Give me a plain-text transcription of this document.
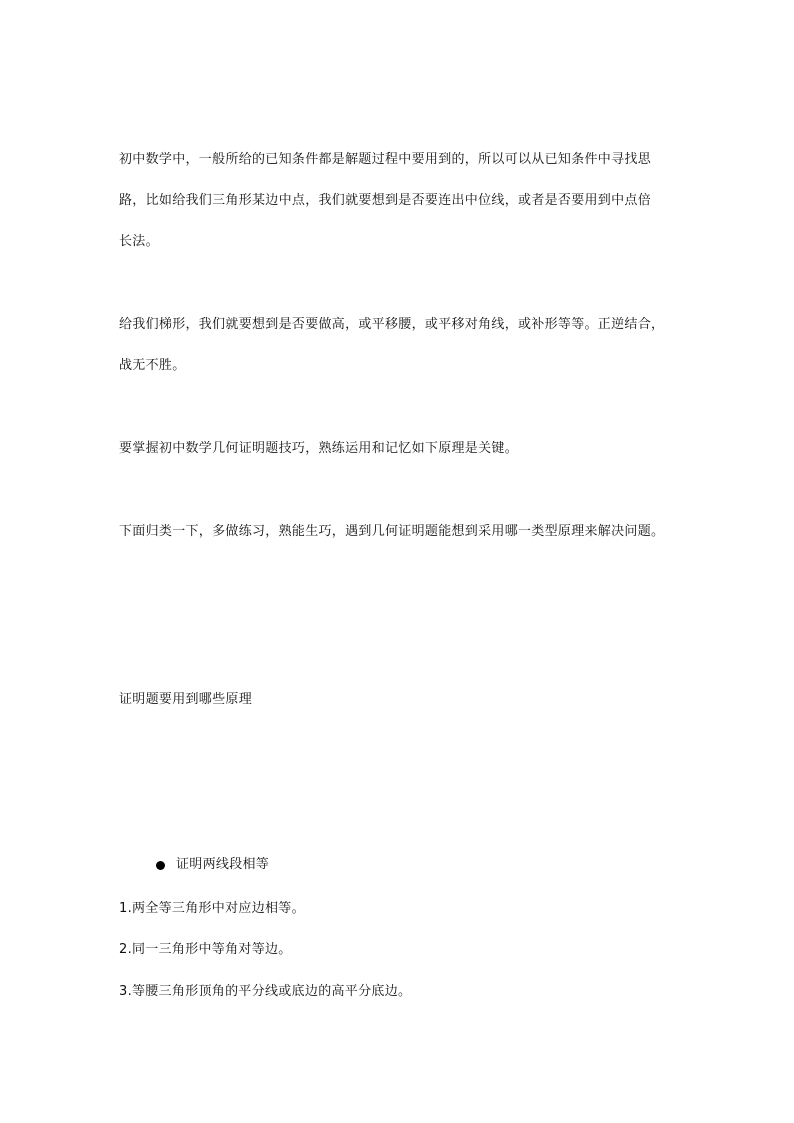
初中数学中，一般所给的已知条件都是解题过程中要用到的，所以可以从已知条件中寻找思
路，比如给我们三角形某边中点，我们就要想到是否要连出中位线，或者是否要用到中点倍
长法。
给我们梯形，我们就要想到是否要做高，或平移腰，或平移对角线，或补形等等。正逆结合，
战无不胜。
要掌握初中数学几何证明题技巧，熟练运用和记忆如下原理是关键。
下面归类一下，多做练习，熟能生巧，遇到几何证明题能想到采用哪一类型原理来解决问题。
证明题要用到哪些原理
证明两线段相等
1.两全等三角形中对应边相等。
2.同一三角形中等角对等边。
3.等腰三角形顶角的平分线或底边的高平分底边。
